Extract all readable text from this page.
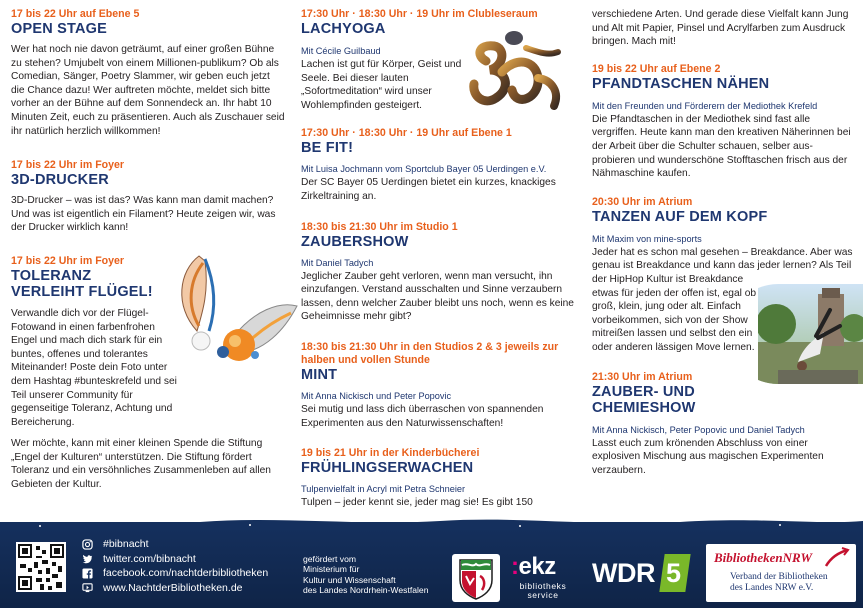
17 bis 22 Uhr auf Ebene 5
OPEN STAGE
Wer hat noch nie davon geträumt, auf einer großen Bühne zu stehen? Umjubelt von einem Millionen-publikum? Ob als Comedian, Sänger, Poetry Slammer, wir geben euch jetzt die Chance dazu! Wer auftreten möchte, meldet sich bitte vorher an der Bühne auf dem Sonnendeck an. Ihr habt 10 Minuten Zeit, euch zu präsentieren. Auch als Zuschauer seid ihr natürlich herzlich willkommen!
17 bis 22 Uhr im Foyer
3D-DRUCKER
3D-Drucker – was ist das? Was kann man damit machen? Und was ist eigentlich ein Filament? Heute zeigen wir, was der Drucker wirklich kann!
17 bis 22 Uhr im Foyer
TOLERANZ
VERLEIHT FLÜGEL!

Verwandle dich vor der Flügel-Fotowand in einen farbenfrohen Engel und mach dich stark für ein buntes, offenes und tolerantes Miteinander! Poste dein Foto unter dem Hashtag #bunteskrefeld und sei Teil unserer Community für gegenseitige Toleranz, Achtung und Bereicherung.

Wer möchte, kann mit einer kleinen Spende die Stiftung „Engel der Kulturen“ unterstützen. Die Stiftung fördert Toleranz und ein versöhnliches Zusammenleben auf allen Gebieten der Kultur.

17:30 Uhr · 18:30 Uhr · 19 Uhr im Clubleseraum
LACHYOGA
Mit Cécile Guilbaud
Lachen ist gut für Körper, Geist und Seele. Bei dieser lauten „Sofortmeditation“ wird unser Wohlempfinden gesteigert.
17:30 Uhr · 18:30 Uhr · 19 Uhr auf Ebene 1
BE FIT!
Mit Luisa Jochmann vom Sportclub Bayer 05 Uerdingen e.V.
Der SC Bayer 05 Uerdingen bietet ein kurzes, knackiges Zirkeltraining an.
18:30 bis 21:30 Uhr im Studio 1
ZAUBERSHOW
Mit Daniel Tadych
Jeglicher Zauber geht verloren, wenn man versucht, ihn einzufangen. Verstand ausschalten und Sinne verzaubern lassen, denn welcher Zauber bleibt uns noch, wenn es keine Geheimnisse mehr gibt?
18:30 bis 21:30 Uhr in den Studios 2 & 3 jeweils zur halben und vollen Stunde
MINT
Mit Anna Nickisch und Peter Popovic
Sei mutig und lass dich überraschen von spannenden Experimenten aus den Naturwissenschaften!
19 bis 21 Uhr in der Kinderbücherei
FRÜHLINGSERWACHEN
Tulpenvielfalt in Acryl mit Petra Schneier
Tulpen – jeder kennt sie, jeder mag sie! Es gibt 150
verschiedene Arten. Und gerade diese Vielfalt kann Jung und Alt mit Papier, Pinsel und Acrylfarben zum Ausdruck bringen. Mach mit!
19 bis 22 Uhr auf Ebene 2
PFANDTASCHEN NÄHEN
Mit den Freunden und Förderern der Mediothek Krefeld
Die Pfandtaschen in der Mediothek sind fast alle vergriffen. Heute kann man den kreativen Näherinnen bei der Arbeit über die Schulter schauen, selber aus-probieren und wunderschöne Stofftaschen frisch aus der Nähmaschine kaufen.
20:30 Uhr im Atrium
TANZEN AUF DEM KOPF
Mit Maxim von mine-sports
Jeder hat es schon mal gesehen – Breakdance. Aber was genau ist Breakdance und kann das jeder lernen? Als Teil der HipHop Kultur ist Breakdance
etwas für jeden der offen ist, egal ob groß, klein, jung oder alt. Einfach vorbeikommen, sich von der Show mitreißen lassen und selbst den ein oder anderen lässigen Move lernen.
21:30 Uhr im Atrium
ZAUBER- UND
CHEMIESHOW
Mit Anna Nickisch, Peter Popovic und Daniel Tadych
Lasst euch zum krönenden Abschluss von einer explosiven Mischung aus magischen Experimenten verzaubern.
#bibnacht
twitter.com/bibnacht
facebook.com/nachtderbibliotheken
www.NachtderBibliotheken.de
gefördert vom
Ministerium für
Kultur und Wissenschaft
des Landes Nordrhein-Westfalen
:ekz
bibliotheks
service
WDR 5
BibliothekenNRW
Verband der Bibliotheken
des Landes NRW e.V.
